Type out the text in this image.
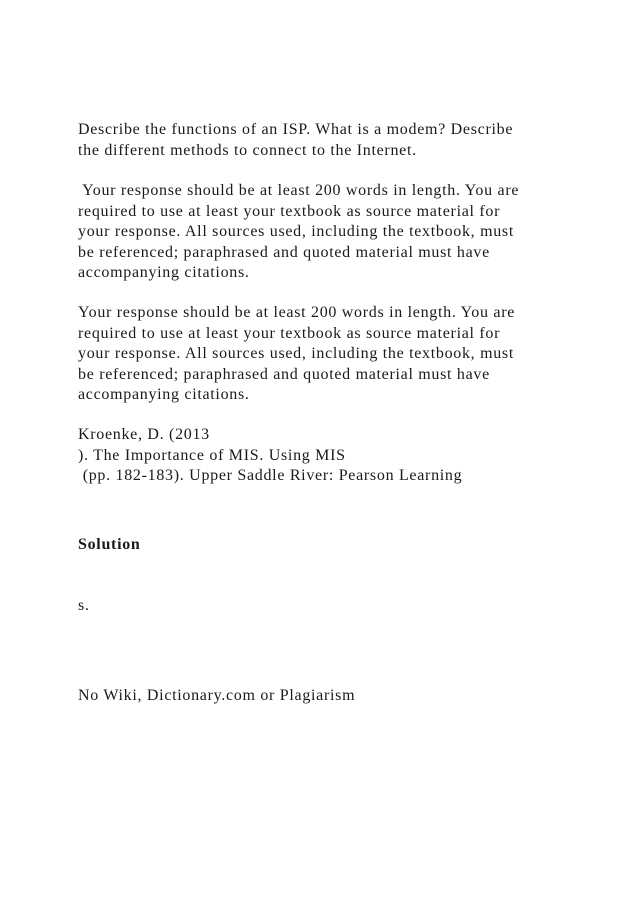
Describe the functions of an ISP. What is a modem? Describe
the different methods to connect to the Internet.

Your response should be at least 200 words in length. You are
required to use at least your textbook as source material for
your response. All sources used, including the textbook, must
be referenced; paraphrased and quoted material must have
accompanying citations.

Your response should be at least 200 words in length. You are
required to use at least your textbook as source material for
your response. All sources used, including the textbook, must
be referenced; paraphrased and quoted material must have
accompanying citations.

Kroenke, D. (2013
). The Importance of MIS. Using MIS
(pp. 182-183). Upper Saddle River: Pearson Learning

Solution

s.

No Wiki, Dictionary.com or Plagiarism
